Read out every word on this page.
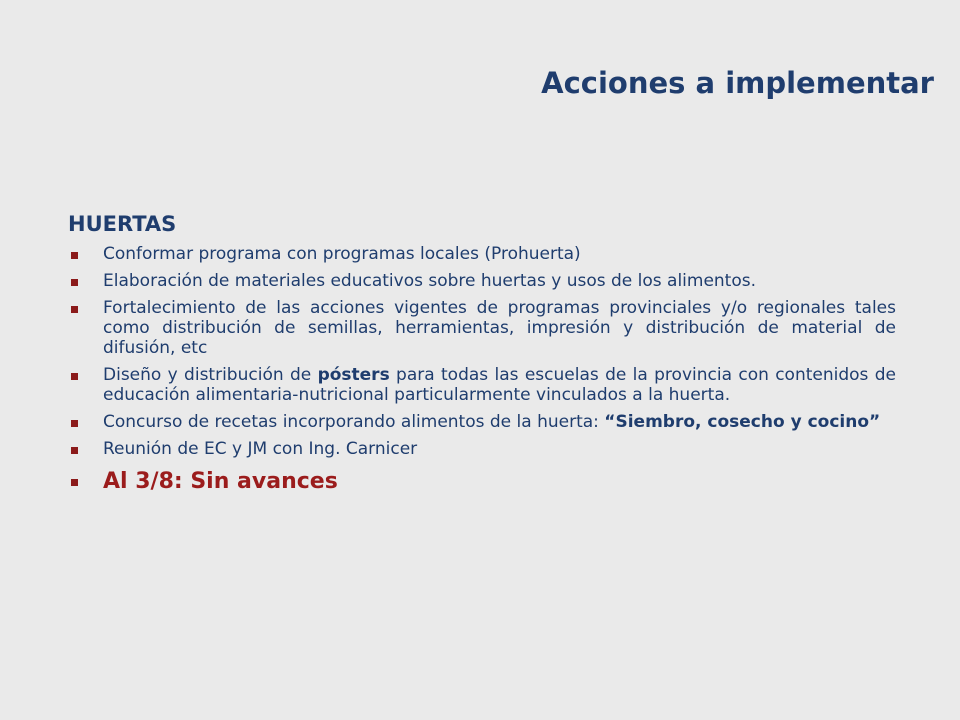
Acciones a implementar
HUERTAS
Conformar programa con programas locales (Prohuerta)
Elaboración de materiales educativos sobre huertas y usos de los alimentos.
Fortalecimiento de las acciones vigentes de programas provinciales y/o regionales tales como distribución de semillas, herramientas, impresión y distribución de material de difusión, etc
Diseño y distribución de pósters para todas las escuelas de la provincia con contenidos de educación alimentaria-nutricional particularmente vinculados a la huerta.
Concurso de recetas incorporando alimentos de la huerta: “Siembro, cosecho y cocino”
Reunión de EC y JM con Ing. Carnicer
Al 3/8: Sin avances
